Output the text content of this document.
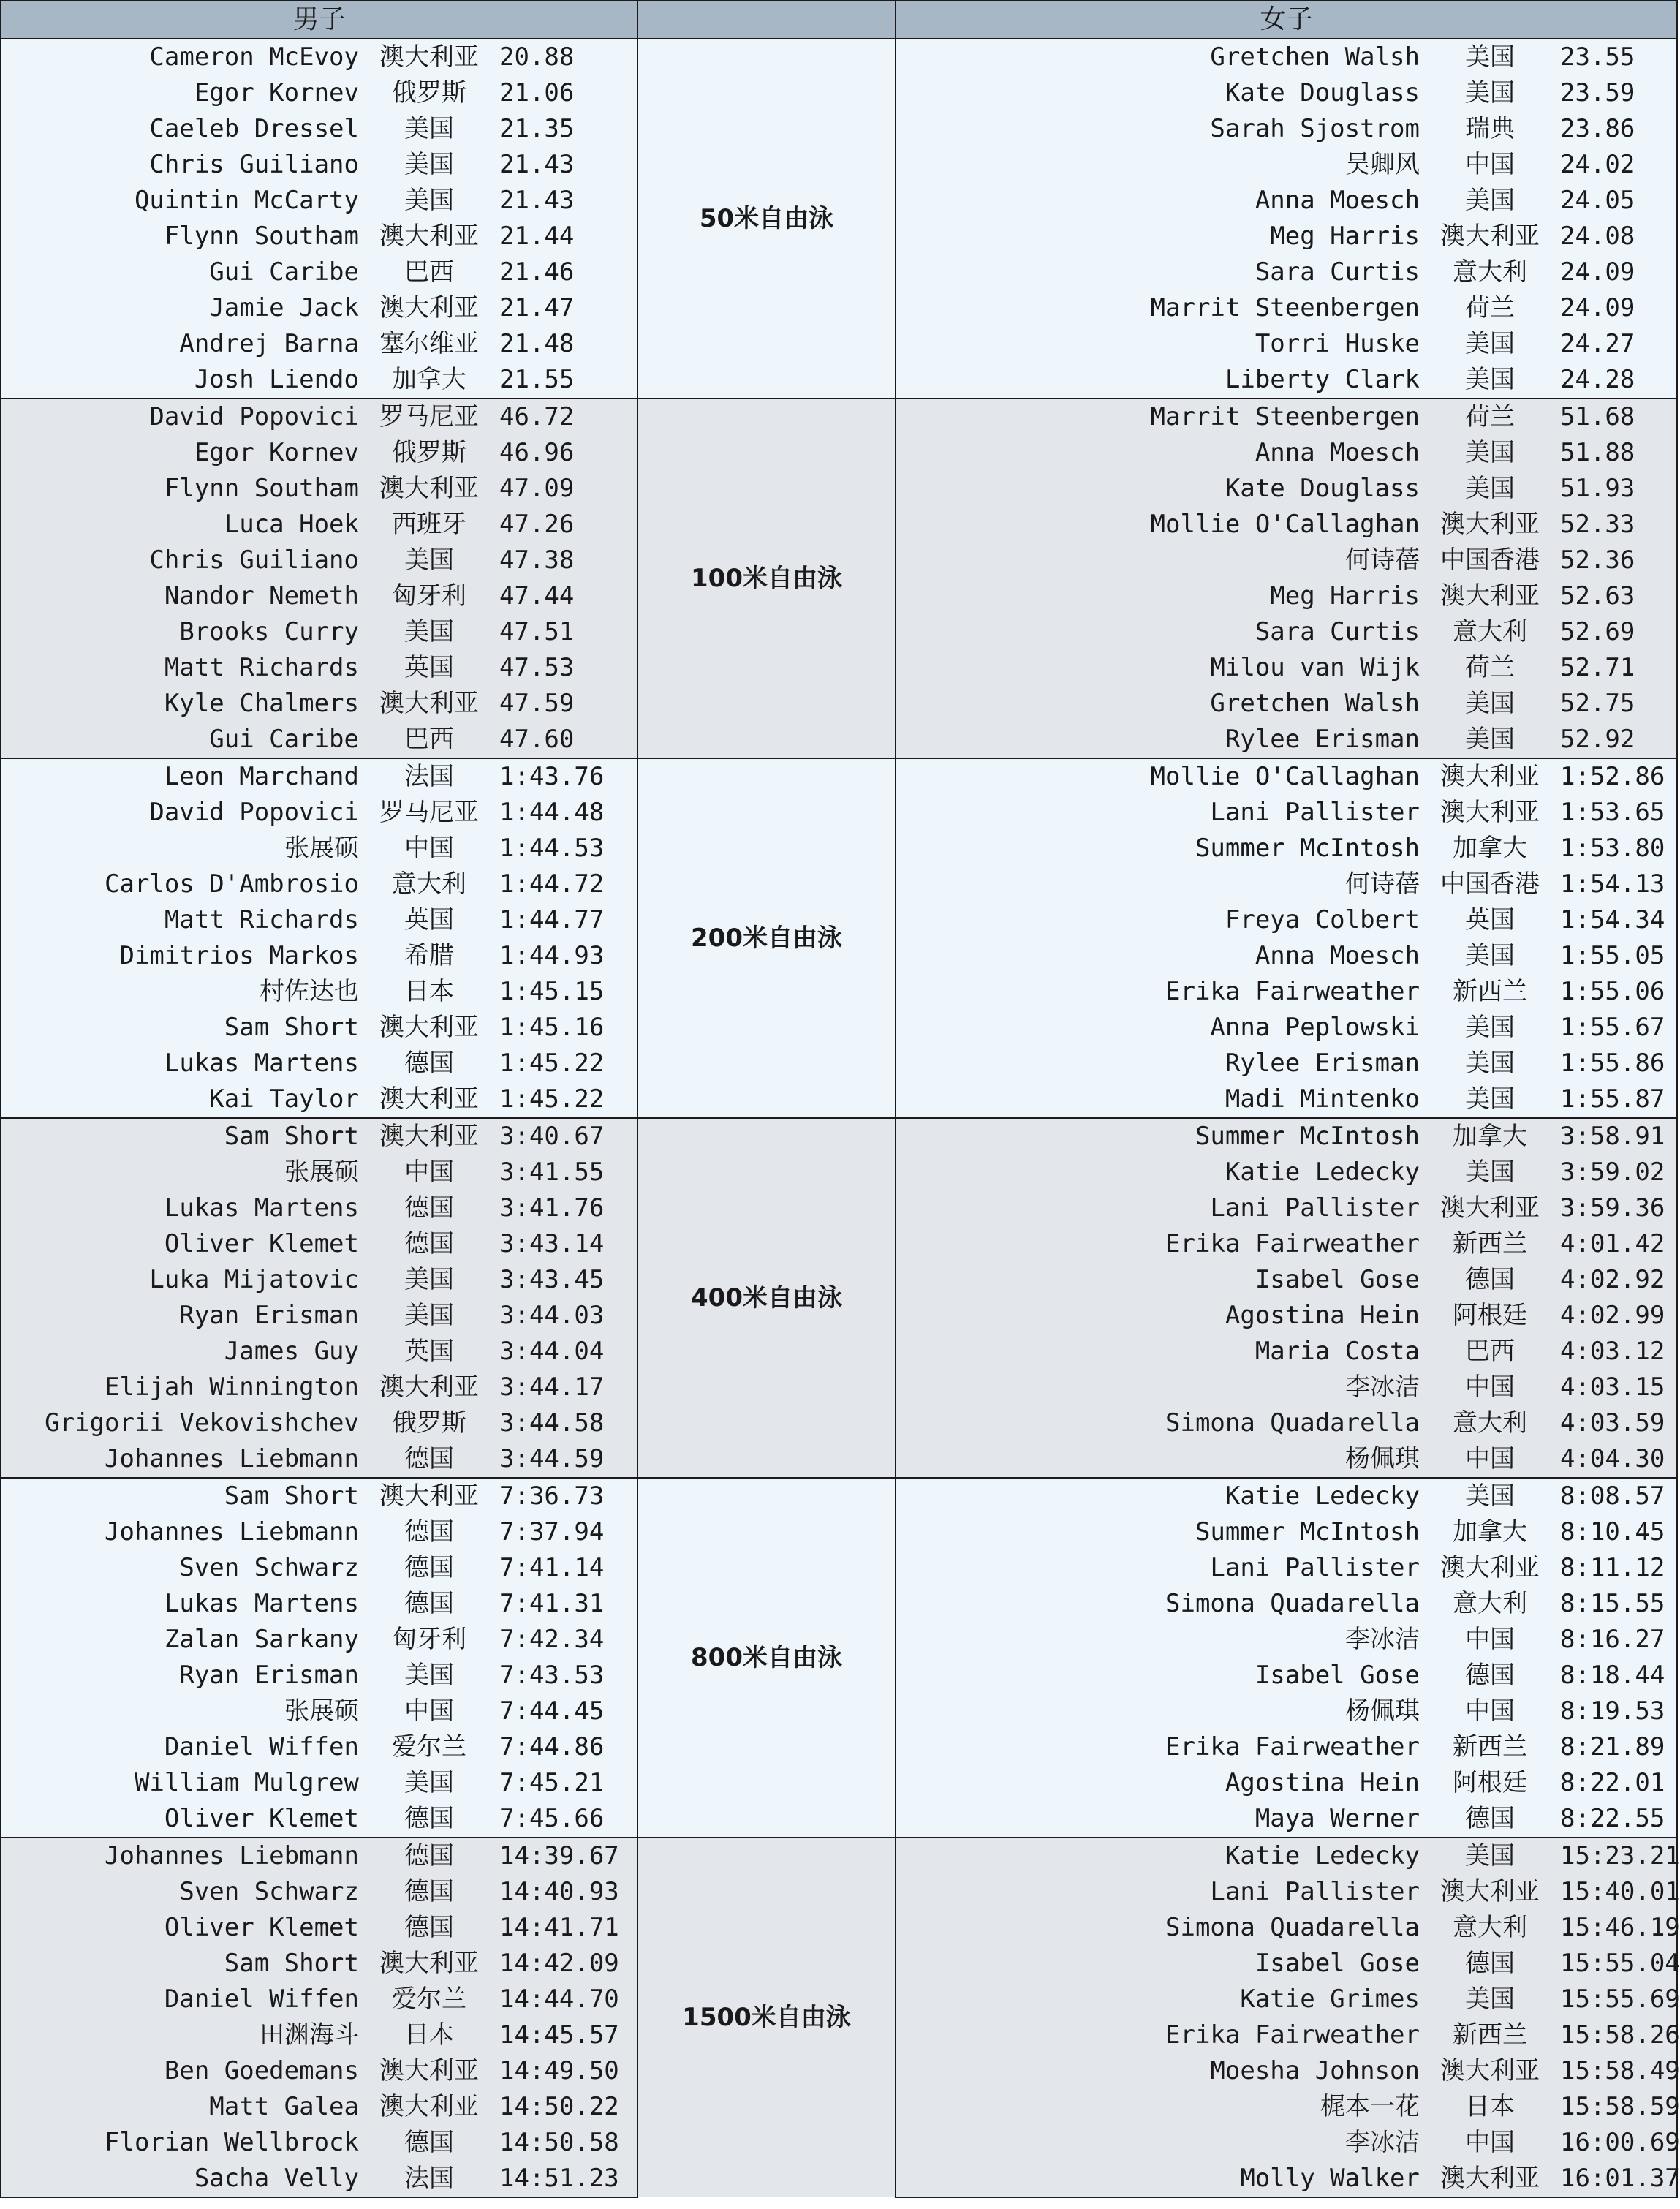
男子				女子		
Cameron McEvoy	澳大利亚	20.88	50米自由泳	Gretchen Walsh	美国	23.55
Egor Kornev	俄罗斯	21.06		Kate Douglass	美国	23.59
Caeleb Dressel	美国	21.35		Sarah Sjostrom	瑞典	23.86
Chris Guiliano	美国	21.43		吴卿风	中国	24.02
Quintin McCarty	美国	21.43		Anna Moesch	美国	24.05
Flynn Southam	澳大利亚	21.44		Meg Harris	澳大利亚	24.08
Gui Caribe	巴西	21.46		Sara Curtis	意大利	24.09
Jamie Jack	澳大利亚	21.47		Marrit Steenbergen	荷兰	24.09
Andrej Barna	塞尔维亚	21.48		Torri Huske	美国	24.27
Josh Liendo	加拿大	21.55		Liberty Clark	美国	24.28
David Popovici	罗马尼亚	46.72	100米自由泳	Marrit Steenbergen	荷兰	51.68
Egor Kornev	俄罗斯	46.96		Anna Moesch	美国	51.88
Flynn Southam	澳大利亚	47.09		Kate Douglass	美国	51.93
Luca Hoek	西班牙	47.26		Mollie O'Callaghan	澳大利亚	52.33
Chris Guiliano	美国	47.38		何诗蓓	中国香港	52.36
Nandor Nemeth	匈牙利	47.44		Meg Harris	澳大利亚	52.63
Brooks Curry	美国	47.51		Sara Curtis	意大利	52.69
Matt Richards	英国	47.53		Milou van Wijk	荷兰	52.71
Kyle Chalmers	澳大利亚	47.59		Gretchen Walsh	美国	52.75
Gui Caribe	巴西	47.60		Rylee Erisman	美国	52.92
Leon Marchand	法国	1:43.76	200米自由泳	Mollie O'Callaghan	澳大利亚	1:52.86
David Popovici	罗马尼亚	1:44.48		Lani Pallister	澳大利亚	1:53.65
张展硕	中国	1:44.53		Summer McIntosh	加拿大	1:53.80
Carlos D'Ambrosio	意大利	1:44.72		何诗蓓	中国香港	1:54.13
Matt Richards	英国	1:44.77		Freya Colbert	英国	1:54.34
Dimitrios Markos	希腊	1:44.93		Anna Moesch	美国	1:55.05
村佐达也	日本	1:45.15		Erika Fairweather	新西兰	1:55.06
Sam Short	澳大利亚	1:45.16		Anna Peplowski	美国	1:55.67
Lukas Martens	德国	1:45.22		Rylee Erisman	美国	1:55.86
Kai Taylor	澳大利亚	1:45.22		Madi Mintenko	美国	1:55.87
Sam Short	澳大利亚	3:40.67	400米自由泳	Summer McIntosh	加拿大	3:58.91
张展硕	中国	3:41.55		Katie Ledecky	美国	3:59.02
Lukas Martens	德国	3:41.76		Lani Pallister	澳大利亚	3:59.36
Oliver Klemet	德国	3:43.14		Erika Fairweather	新西兰	4:01.42
Luka Mijatovic	美国	3:43.45		Isabel Gose	德国	4:02.92
Ryan Erisman	美国	3:44.03		Agostina Hein	阿根廷	4:02.99
James Guy	英国	3:44.04		Maria Costa	巴西	4:03.12
Elijah Winnington	澳大利亚	3:44.17		李冰洁	中国	4:03.15
Grigorii Vekovishchev	俄罗斯	3:44.58		Simona Quadarella	意大利	4:03.59
Johannes Liebmann	德国	3:44.59		杨佩琪	中国	4:04.30
Sam Short	澳大利亚	7:36.73	800米自由泳	Katie Ledecky	美国	8:08.57
Johannes Liebmann	德国	7:37.94		Summer McIntosh	加拿大	8:10.45
Sven Schwarz	德国	7:41.14		Lani Pallister	澳大利亚	8:11.12
Lukas Martens	德国	7:41.31		Simona Quadarella	意大利	8:15.55
Zalan Sarkany	匈牙利	7:42.34		李冰洁	中国	8:16.27
Ryan Erisman	美国	7:43.53		Isabel Gose	德国	8:18.44
张展硕	中国	7:44.45		杨佩琪	中国	8:19.53
Daniel Wiffen	爱尔兰	7:44.86		Erika Fairweather	新西兰	8:21.89
William Mulgrew	美国	7:45.21		Agostina Hein	阿根廷	8:22.01
Oliver Klemet	德国	7:45.66		Maya Werner	德国	8:22.55
Johannes Liebmann	德国	14:39.67	1500米自由泳	Katie Ledecky	美国	15:23.21
Sven Schwarz	德国	14:40.93		Lani Pallister	澳大利亚	15:40.01
Oliver Klemet	德国	14:41.71		Simona Quadarella	意大利	15:46.19
Sam Short	澳大利亚	14:42.09		Isabel Gose	德国	15:55.04
Daniel Wiffen	爱尔兰	14:44.70		Katie Grimes	美国	15:55.69
田渊海斗	日本	14:45.57		Erika Fairweather	新西兰	15:58.26
Ben Goedemans	澳大利亚	14:49.50		Moesha Johnson	澳大利亚	15:58.49
Matt Galea	澳大利亚	14:50.22		梶本一花	日本	15:58.59
Florian Wellbrock	德国	14:50.58		李冰洁	中国	16:00.69
Sacha Velly	法国	14:51.23		Molly Walker	澳大利亚	16:01.37
